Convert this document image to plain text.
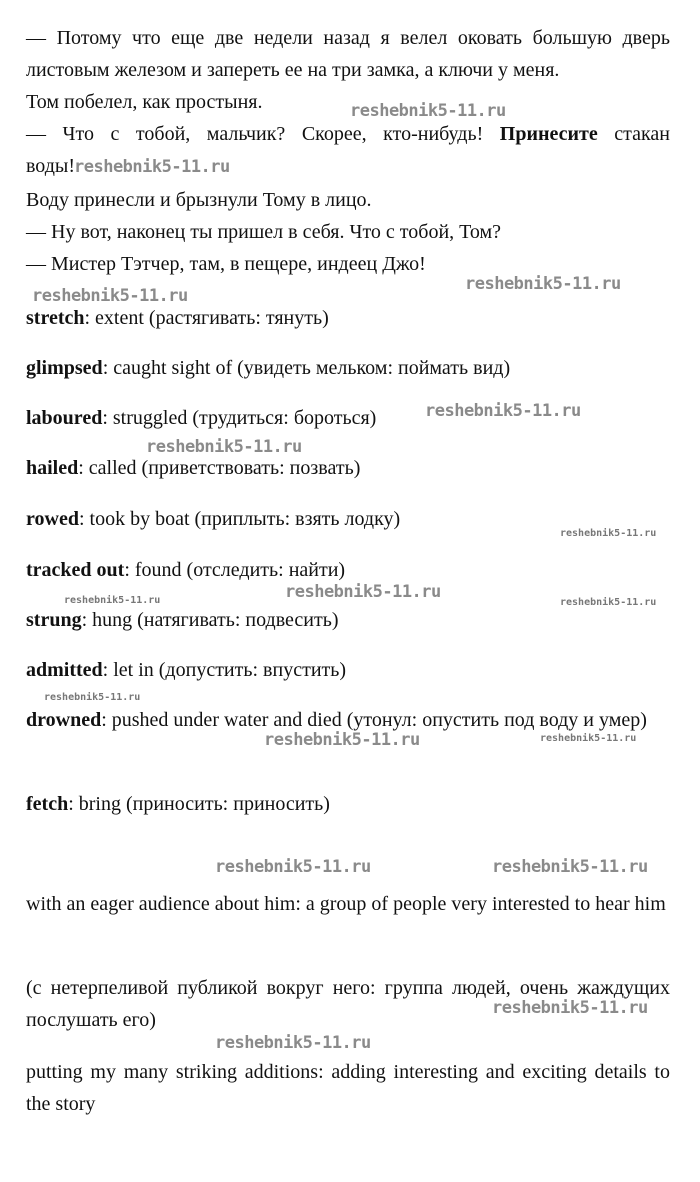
— Потому что еще две недели назад я велел оковать большую дверь
листовым железом и запереть ее на три замка, а ключи у меня.
Том побелел, как простыня.
— Что с тобой, мальчик? Скорее, кто-нибудь! Принесите стакан
воды!
Воду принесли и брызнули Тому в лицо.
— Ну вот, наконец ты пришел в себя. Что с тобой, Том?
— Мистер Тэтчер, там, в пещере, индеец Джо!
stretch: extent (растягивать: тянуть)
glimpsed: caught sight of (увидеть мельком: поймать вид)
laboured: struggled (трудиться: бороться)
hailed: called (приветствовать: позвать)
rowed: took by boat (приплыть: взять лодку)
tracked out: found (отследить: найти)
strung: hung (натягивать: подвесить)
admitted: let in (допустить: впустить)
drowned: pushed under water and died (утонул: опустить под воду и умер)
fetch: bring (приносить: приносить)
with an eager audience about him: a group of people very interested to hear him
(с нетерпеливой публикой вокруг него: группа людей, очень жаждущих послушать его)
putting my many striking additions: adding interesting and exciting details to the story
reshebnik5-11.ru
reshebnik5-11.ru
reshebnik5-11.ru
reshebnik5-11.ru
reshebnik5-11.ru
reshebnik5-11.ru
reshebnik5-11.ru
reshebnik5-11.ru
reshebnik5-11.ru	reshebnik5-11.ru
reshebnik5-11.ru
reshebnik5-11.ru	reshebnik5-11.ru
reshebnik5-11.ru	reshebnik5-11.ru
reshebnik5-11.ru
reshebnik5-11.ru
